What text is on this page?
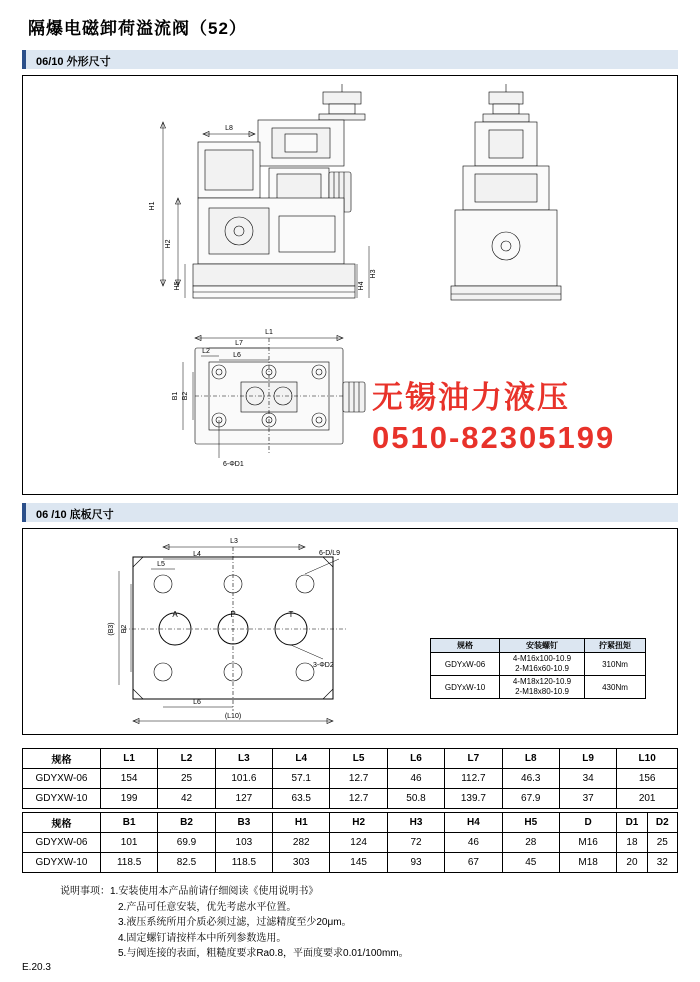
隔爆电磁卸荷溢流阀（52）
06/10 外形尺寸
H1
H2
H5	H4
H3
L8
L1
L7
L2
L6
B1 B2
6-ΦD1
无锡油力液压
0510-82305199
06 /10 底板尺寸
A	P	T
L3
L4
L5
(B3) B2
6-D/L9
3-ΦD2
L6
(L10)
规格	安装螺钉	拧紧扭矩
GDYxW-06	4-M16x100-10.9
2-M16x60-10.9	310Nm
GDYxW-10	4-M18x120-10.9
2-M18x80-10.9	430Nm
规格	L1	L2	L3	L4	L5	L6	L7	L8	L9	L10
GDYXW-06	154	25	101.6	57.1	12.7	46	112.7	46.3	34	156
GDYXW-10	199	42	127	63.5	12.7	50.8	139.7	67.9	37	201
规格	B1	B2	B3	H1	H2	H3	H4	H5	D	D1	D2
GDYXW-06	101	69.9	103	282	124	72	46	28	M16	18	25
GDYXW-10	118.5	82.5	118.5	303	145	93	67	45	M18	20	32
说明事项：1.安装使用本产品前请仔细阅读《使用说明书》
2.产品可任意安装，优先考虑水平位置。
3.液压系统所用介质必须过滤，过滤精度至少20μm。
4.固定螺钉请按样本中所列参数选用。
5.与阀连接的表面，粗糙度要求Ra0.8，平面度要求0.01/100mm。
E.20.3
